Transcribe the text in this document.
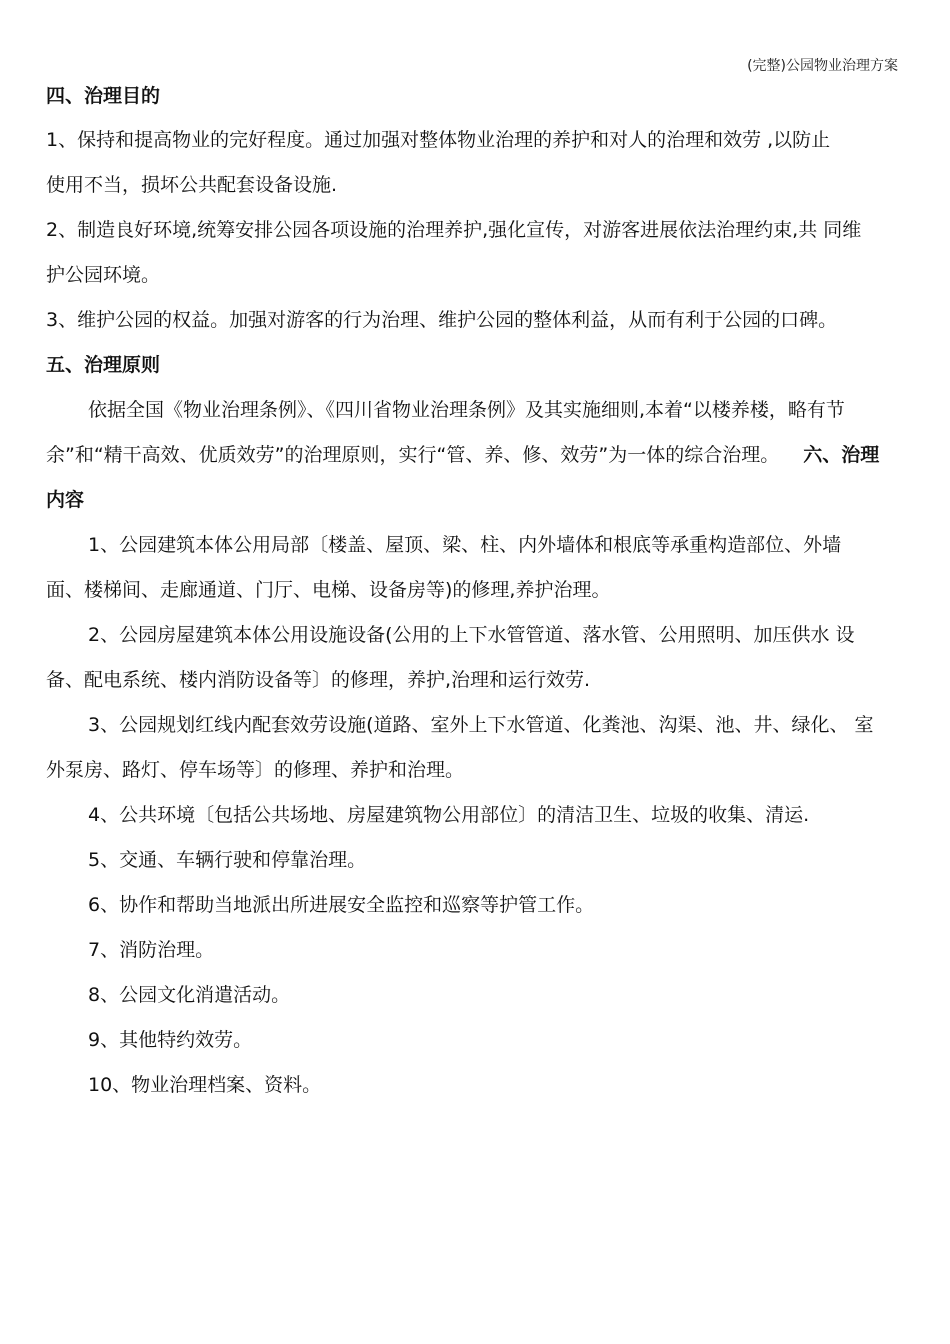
(完整)公园物业治理方案
四、治理目的
1、保持和提高物业的完好程度。通过加强对整体物业治理的养护和对人的治理和效劳 ,以防止
使用不当，损坏公共配套设备设施.
2、制造良好环境,统筹安排公园各项设施的治理养护,强化宣传，对游客进展依法治理约束,共 同维
护公园环境。
3、维护公园的权益。加强对游客的行为治理、维护公园的整体利益，从而有利于公园的口碑。
五、治理原则
依据全国《物业治理条例》、《四川省物业治理条例》及其实施细则,本着“以楼养楼，略有节
余”和“精干高效、优质效劳”的治理原则，实行“管、养、修、效劳”为一体的综合治理。 六、治理
内容
1、公园建筑本体公用局部〔楼盖、屋顶、梁、柱、内外墙体和根底等承重构造部位、外墙
面、楼梯间、走廊通道、门厅、电梯、设备房等)的修理,养护治理。
2、公园房屋建筑本体公用设施设备(公用的上下水管管道、落水管、公用照明、加压供水 设
备、配电系统、楼内消防设备等〕的修理，养护,治理和运行效劳.
3、公园规划红线内配套效劳设施(道路、室外上下水管道、化粪池、沟渠、池、井、绿化、 室
外泵房、路灯、停车场等〕的修理、养护和治理。
4、公共环境〔包括公共场地、房屋建筑物公用部位〕的清洁卫生、垃圾的收集、清运.
5、交通、车辆行驶和停靠治理。
6、协作和帮助当地派出所进展安全监控和巡察等护管工作。
7、消防治理。
8、公园文化消遣活动。
9、其他特约效劳。
10、物业治理档案、资料。
